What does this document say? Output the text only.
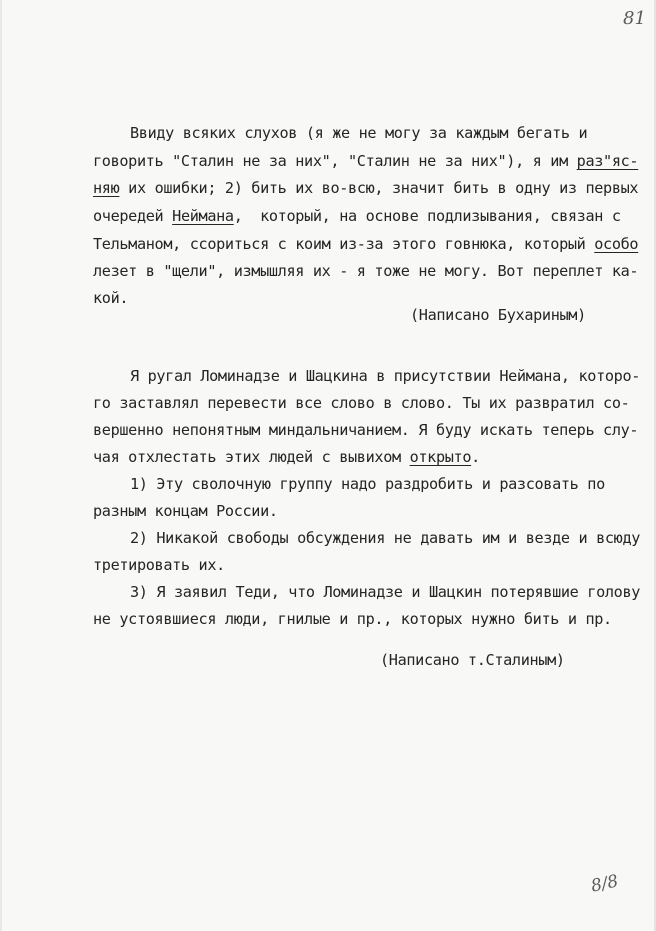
81
Ввиду всяких слухов (я же не могу за каждым бегать и
говорить "Сталин не за них", "Сталин не за них"), я им раз"яс-
няю их ошибки; 2) бить их во-всю, значит бить в одну из первых
очередей Неймана,  который, на основе подлизывания, связан с
Тельманом, ссориться с коим из-за этого говнюка, который особо
лезет в "щели", измышляя их - я тоже не могу. Вот переплет ка-
кой.
(Написано Бухариным)
Я ругал Ломинадзе и Шацкина в присутствии Неймана, которо-
го заставлял перевести все слово в слово. Ты их развратил со-
вершенно непонятным миндальничанием. Я буду искать теперь слу-
чая отхлестать этих людей с вывихом открыто.
1) Эту сволочную группу надо раздробить и разсовать по
разным концам России.
2) Никакой свободы обсуждения не давать им и везде и всюду
третировать их.
3) Я заявил Теди, что Ломинадзе и Шацкин потерявшие голову
не устоявшиеся люди, гнилые и пр., которых нужно бить и пр.
(Написано т.Сталиным)
8/8
